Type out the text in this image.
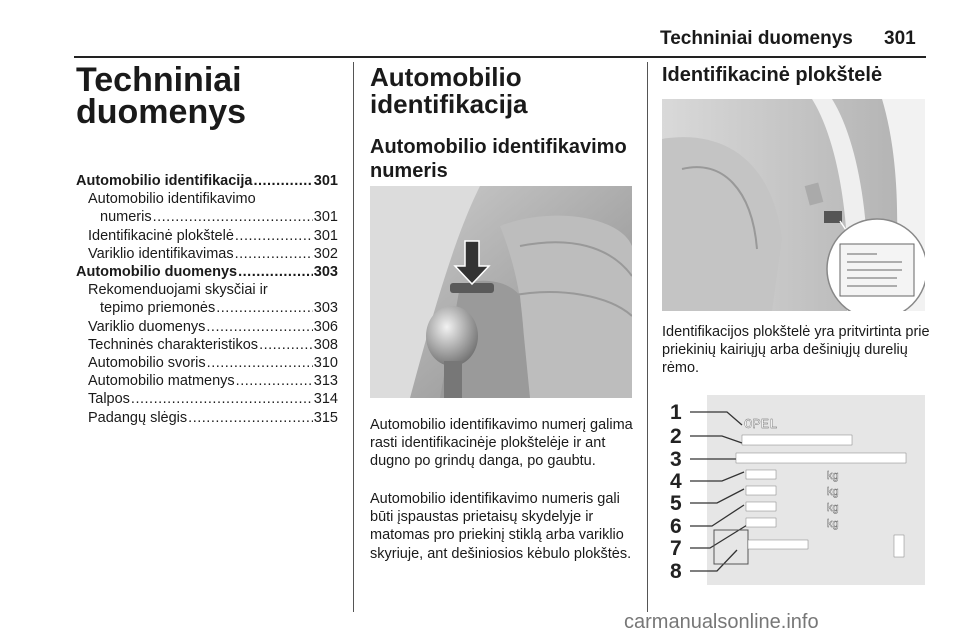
Techniniai duomenys 301
Techniniai duomenys
Automobilio identifikacija .....	301
Automobilio identifikavimo
numeris .....	301
Identifikacinė plokštelė .....	301
Variklio identifikavimas .....	302
Automobilio duomenys .....	303
Rekomenduojami skysčiai ir
tepimo priemonės .....	303
Variklio duomenys .....	306
Techninės charakteristikos .....	308
Automobilio svoris .....	310
Automobilio matmenys .....	313
Talpos .....	314
Padangų slėgis .....	315
Automobilio identifikacija
Automobilio identifikavimo numeris
Automobilio identifikavimo numerį galima rasti identifikacinėje plokštelėje ir ant dugno po grindų danga, po gaubtu.
Automobilio identifikavimo numeris gali būti įspaustas prietaisų skydelyje ir matomas pro priekinį stiklą arba variklio skyriuje, ant dešiniosios kėbulo plokštės.
Identifikacinė plokštelė
Identifikacijos plokštelė yra pritvirtinta prie priekinių kairiųjų arba dešiniųjų durelių rėmo.
1
2
3
4
5
6
7
8
OPEL
kg
kg
kg
kg
carmanualsonline.info
